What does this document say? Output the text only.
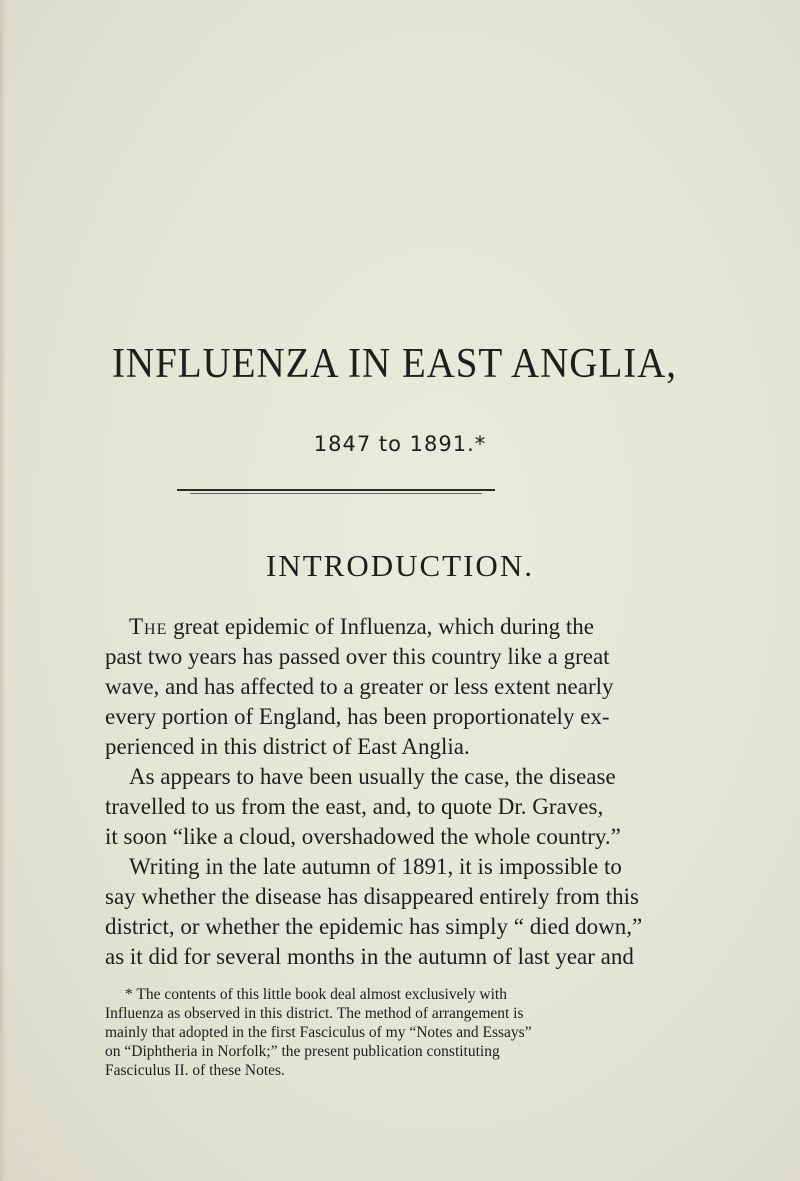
INFLUENZA IN EAST ANGLIA,
1847 to 1891.*
INTRODUCTION.
The great epidemic of Influenza, which during the
past two years has passed over this country like a great
wave, and has affected to a greater or less extent nearly
every portion of England, has been proportionately ex-
perienced in this district of East Anglia.
As appears to have been usually the case, the disease
travelled to us from the east, and, to quote Dr. Graves,
it soon “like a cloud, overshadowed the whole country.”
Writing in the late autumn of 1891, it is impossible to
say whether the disease has disappeared entirely from this
district, or whether the epidemic has simply “ died down,”
as it did for several months in the autumn of last year and
* The contents of this little book deal almost exclusively with
Influenza as observed in this district. The method of arrangement is
mainly that adopted in the first Fasciculus of my “Notes and Essays”
on “Diphtheria in Norfolk;” the present publication constituting
Fasciculus II. of these Notes.
